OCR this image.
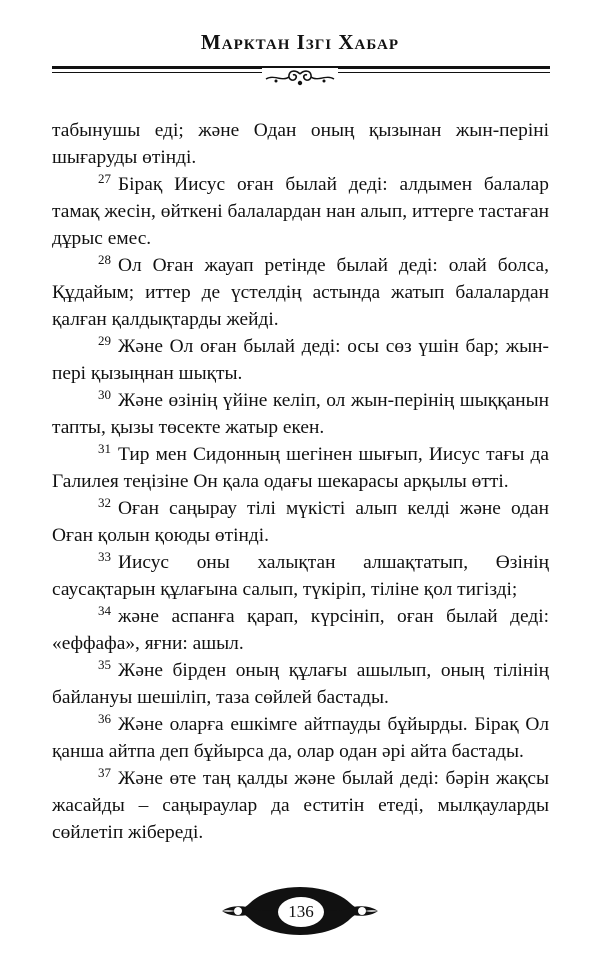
Марктан Ізгі Хабар

табынушы еді; және Одан оның қызынан жын-періні шығаруды өтінді.

27 Бірақ Иисус оған былай деді: алдымен балалар тамақ жесін, өйткені балалардан нан алып, иттерге тастаған дұрыс емес.

28 Ол Оған жауап ретінде былай деді: олай болса, Құдайым; иттер де үстелдің астында жатып балалардан қалған қалдықтарды жейді.

29 Және Ол оған былай деді: осы сөз үшін бар; жын-пері қызыңнан шықты.

30 Және өзінің үйіне келіп, ол жын-перінің шыққанын тапты, қызы төсекте жатыр екен.

31 Тир мен Сидонның шегінен шығып, Иисус тағы да Галилея теңізіне Он қала одағы шекарасы арқылы өтті.

32 Оған саңырау тілі мүкісті алып келді және одан Оған қолын қоюды өтінді.

33 Иисус оны халықтан алшақтатып, Өзінің саусақтарын құлағына салып, түкіріп, тіліне қол тигізді;

34 және аспанға қарап, күрсініп, оған былай деді: «еффафа», яғни: ашыл.

35 Және бірден оның құлағы ашылып, оның тілінің байлануы шешіліп, таза сөйлей бастады.

36 Және оларға ешкімге айтпауды бұйырды. Бірақ Ол қанша айтпа деп бұйырса да, олар одан әрі айта бастады.

37 Және өте таң қалды және былай деді: бәрін жақсы жасайды – саңыраулар да еститін етеді, мылқауларды сөйлетіп жібереді.

136
